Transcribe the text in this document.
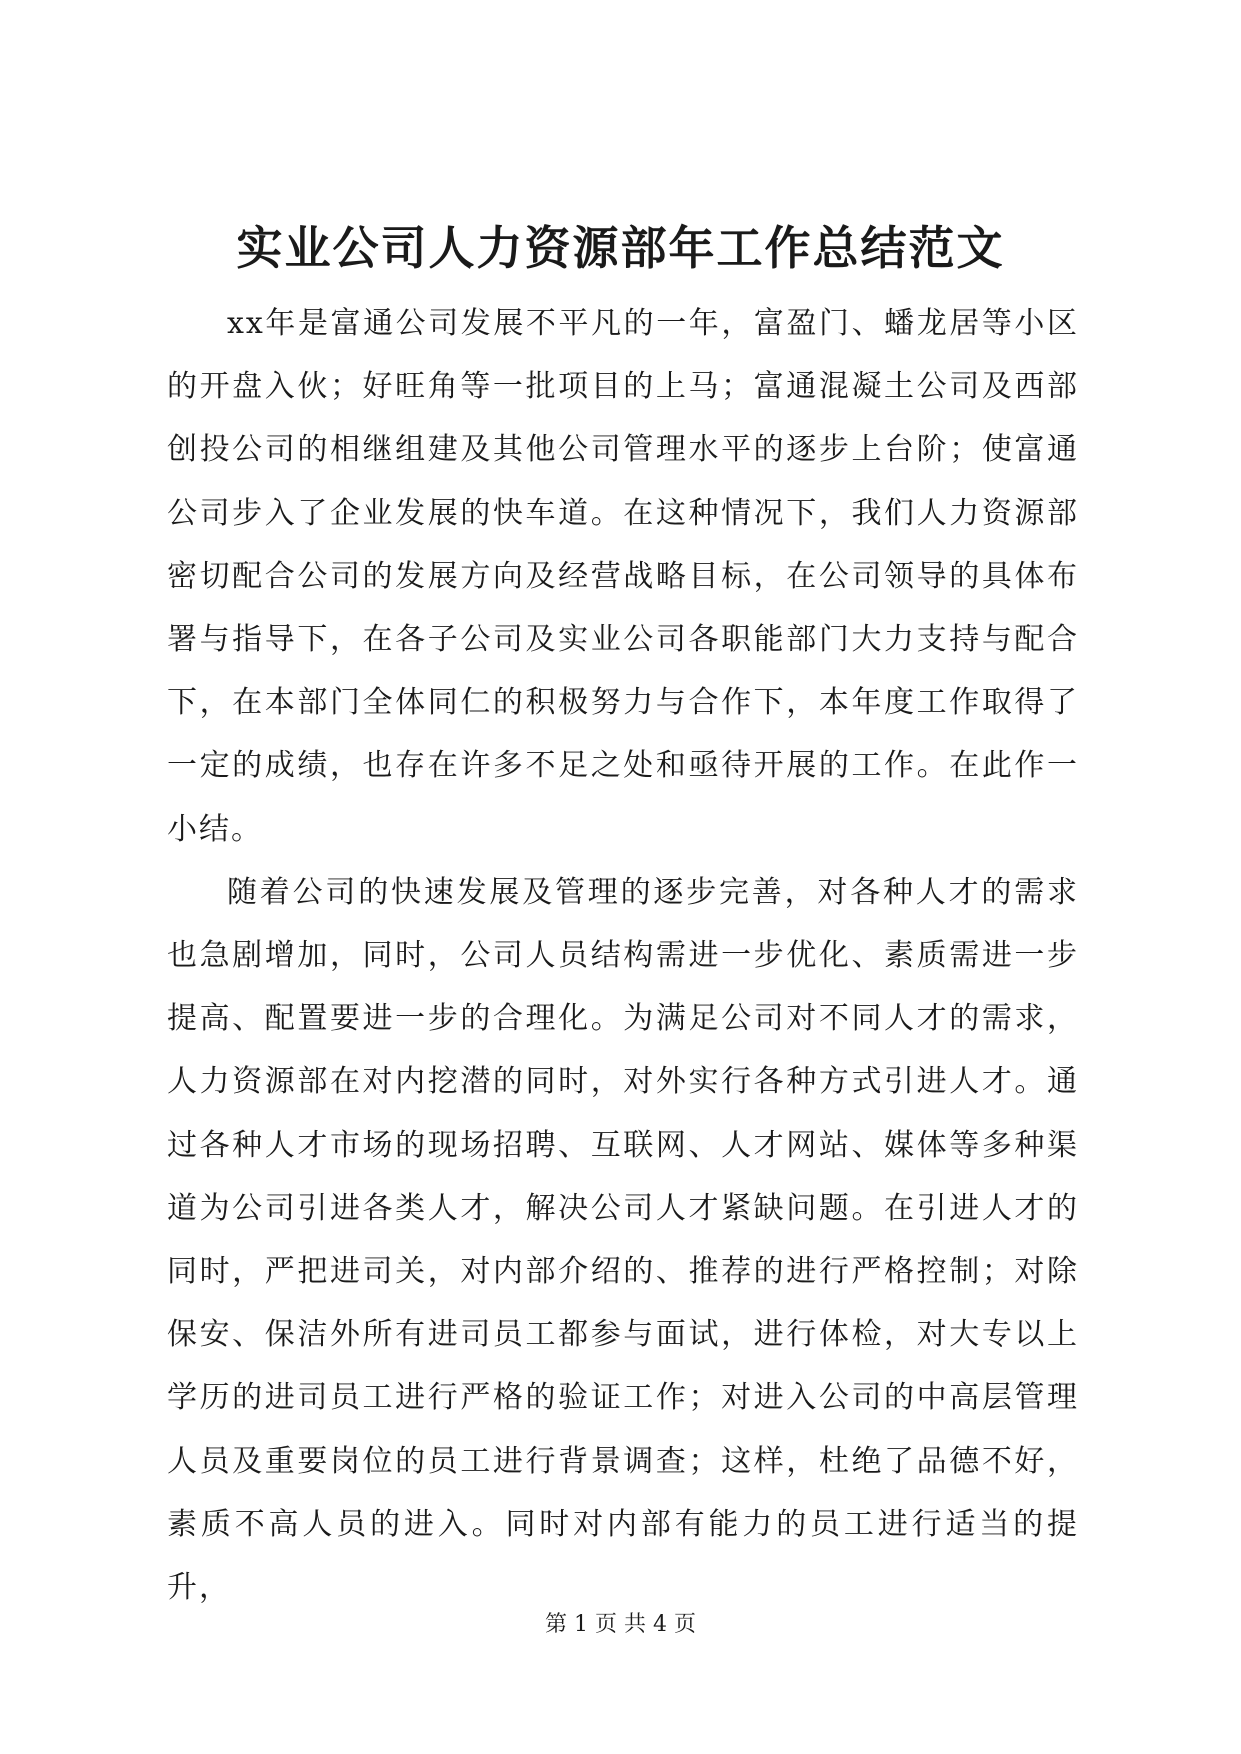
实业公司人力资源部年工作总结范文

xx年是富通公司发展不平凡的一年，富盈门、蟠龙居等小区的开盘入伙；好旺角等一批项目的上马；富通混凝土公司及西部创投公司的相继组建及其他公司管理水平的逐步上台阶；使富通公司步入了企业发展的快车道。在这种情况下，我们人力资源部密切配合公司的发展方向及经营战略目标，在公司领导的具体布署与指导下，在各子公司及实业公司各职能部门大力支持与配合下，在本部门全体同仁的积极努力与合作下，本年度工作取得了一定的成绩，也存在许多不足之处和亟待开展的工作。在此作一小结。

随着公司的快速发展及管理的逐步完善，对各种人才的需求也急剧增加，同时，公司人员结构需进一步优化、素质需进一步提高、配置要进一步的合理化。为满足公司对不同人才的需求，人力资源部在对内挖潜的同时，对外实行各种方式引进人才。通过各种人才市场的现场招聘、互联网、人才网站、媒体等多种渠道为公司引进各类人才，解决公司人才紧缺问题。在引进人才的同时，严把进司关，对内部介绍的、推荐的进行严格控制；对除保安、保洁外所有进司员工都参与面试，进行体检，对大专以上学历的进司员工进行严格的验证工作；对进入公司的中高层管理人员及重要岗位的员工进行背景调查；这样，杜绝了品德不好，素质不高人员的进入。同时对内部有能力的员工进行适当的提升，

第 1 页 共 4 页
